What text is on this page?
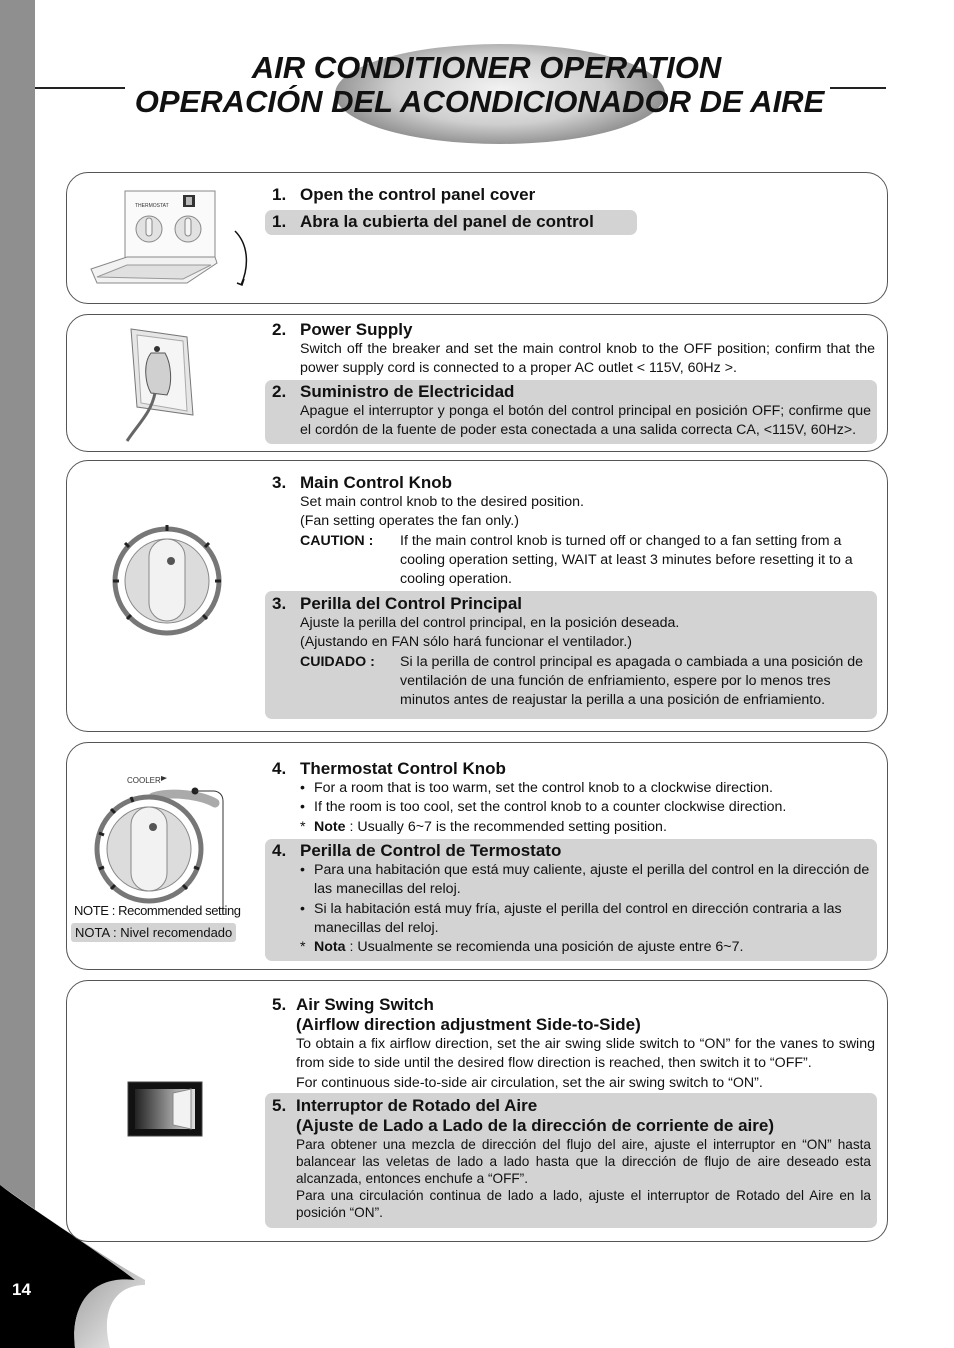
14
AIR CONDITIONER OPERATION
OPERACIÓN DEL ACONDICIONADOR DE AIRE
THERMOSTAT
1. Open the control panel cover
1. Abra la cubierta del panel de control
2. Power Supply
Switch off the breaker and set the main control knob to the OFF position; confirm that the power supply cord is connected to a proper AC outlet < 115V, 60Hz >.
2. Suministro de Electricidad
Apague el interruptor y ponga el botón del control principal en posición OFF; confirme que el cordón de la fuente de poder esta conectada a una salida correcta CA, <115V, 60Hz>.
3. Main Control Knob
Set main control knob to the desired position.
(Fan setting operates the fan only.)
CAUTION :	If the main control knob is turned off or changed to a fan setting from a cooling operation setting, WAIT at least 3 minutes before resetting it to a cooling operation.
3. Perilla del Control Principal
Ajuste la perilla del control principal, en la posición deseada.
(Ajustando en FAN sólo hará funcionar el ventilador.)
CUIDADO :	Si la perilla de control principal es apagada o cambiada a una posición de ventilación de una función de enfriamiento, espere por lo menos tres minutos antes de reajustar la perilla a una posición de enfriamiento.
COOLER
NOTE : Recommended setting
NOTA : Nivel recomendado
4. Thermostat Control Knob
• For a room that is too warm, set the control knob to a clockwise direction.
• If the room is too cool, set the control knob to a counter clockwise direction.
* Note : Usually 6~7 is the recommended setting position.
4. Perilla de Control de Termostato
• Para una habitación que está muy caliente, ajuste el perilla del control en la dirección de las manecillas del reloj.
• Si la habitación está muy fría, ajuste el perilla del control en dirección contraria a las manecillas del reloj.
* Nota : Usualmente se recomienda una posición de ajuste entre 6~7.
5. Air Swing Switch
(Airflow direction adjustment Side-to-Side)
To obtain a fix airflow direction, set the air swing slide switch to “ON” for the vanes to swing from side to side until the desired flow direction is reached, then switch it to “OFF”.
For continuous side-to-side air circulation, set the air swing switch to “ON”.
5. Interruptor de Rotado del Aire
(Ajuste de Lado a Lado de la dirección de corriente de aire)
Para obtener una mezcla de dirección del flujo del aire, ajuste el interruptor en “ON” hasta balancear las veletas de lado a lado hasta que la dirección de flujo de aire deseado esta alcanzada, entonces enchufe a “OFF”.
Para una circulación continua de lado a lado, ajuste el interruptor de Rotado del Aire en la posición “ON”.
